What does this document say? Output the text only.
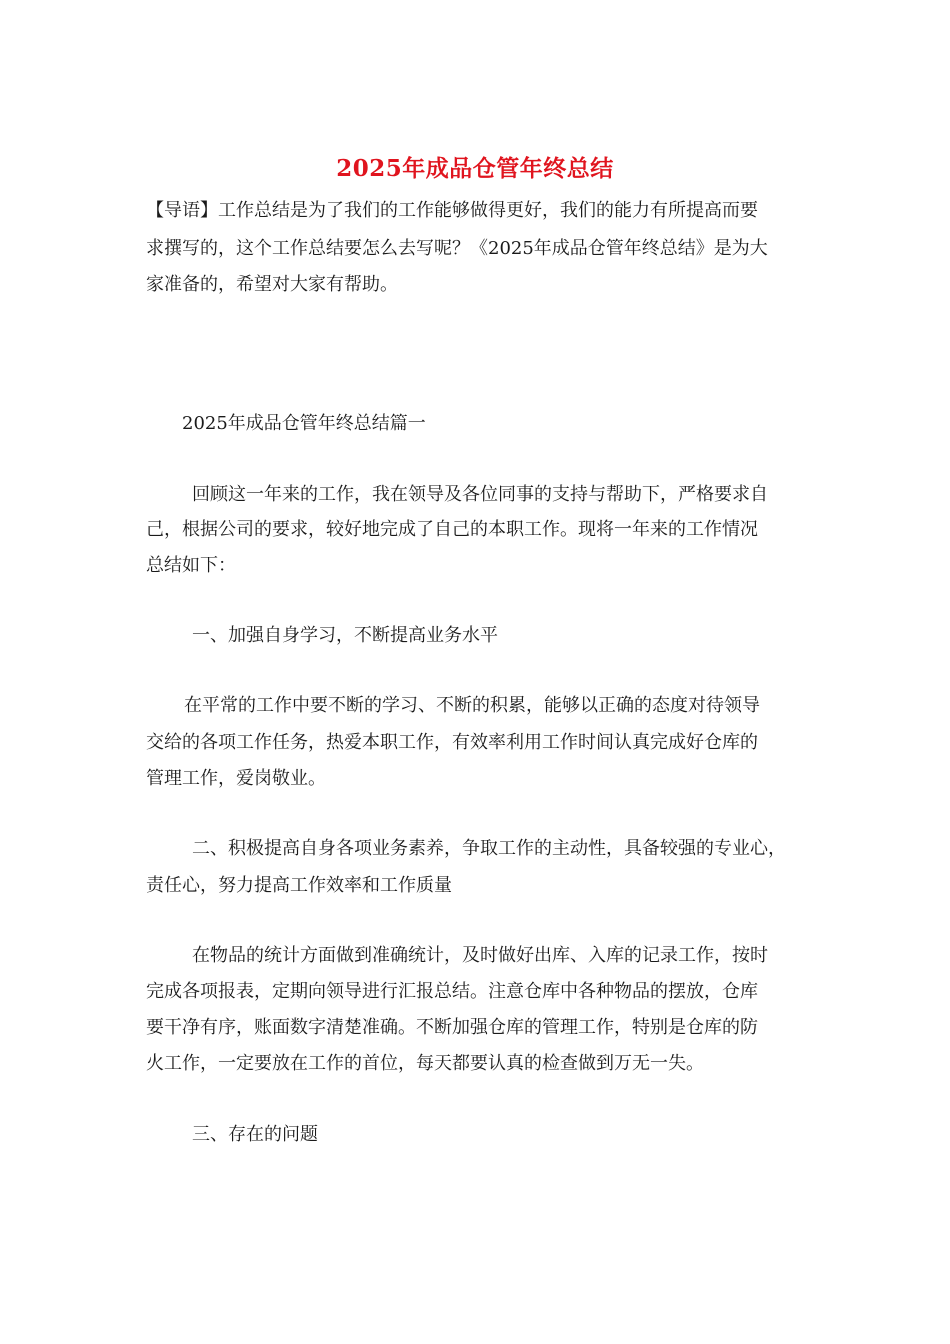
2025年成品仓管年终总结

【导语】工作总结是为了我们的工作能够做得更好，我们的能力有所提高而要

求撰写的，这个工作总结要怎么去写呢？《2025年成品仓管年终总结》是为大

家准备的，希望对大家有帮助。

2025年成品仓管年终总结篇一

回顾这一年来的工作，我在领导及各位同事的支持与帮助下，严格要求自

己，根据公司的要求，较好地完成了自己的本职工作。现将一年来的工作情况

总结如下：

一、加强自身学习，不断提高业务水平

在平常的工作中要不断的学习、不断的积累，能够以正确的态度对待领导

交给的各项工作任务，热爱本职工作，有效率利用工作时间认真完成好仓库的

管理工作，爱岗敬业。

二、积极提高自身各项业务素养，争取工作的主动性，具备较强的专业心，

责任心，努力提高工作效率和工作质量

在物品的统计方面做到准确统计，及时做好出库、入库的记录工作，按时

完成各项报表，定期向领导进行汇报总结。注意仓库中各种物品的摆放，仓库

要干净有序，账面数字清楚准确。不断加强仓库的管理工作，特别是仓库的防

火工作，一定要放在工作的首位，每天都要认真的检查做到万无一失。

三、存在的问题
